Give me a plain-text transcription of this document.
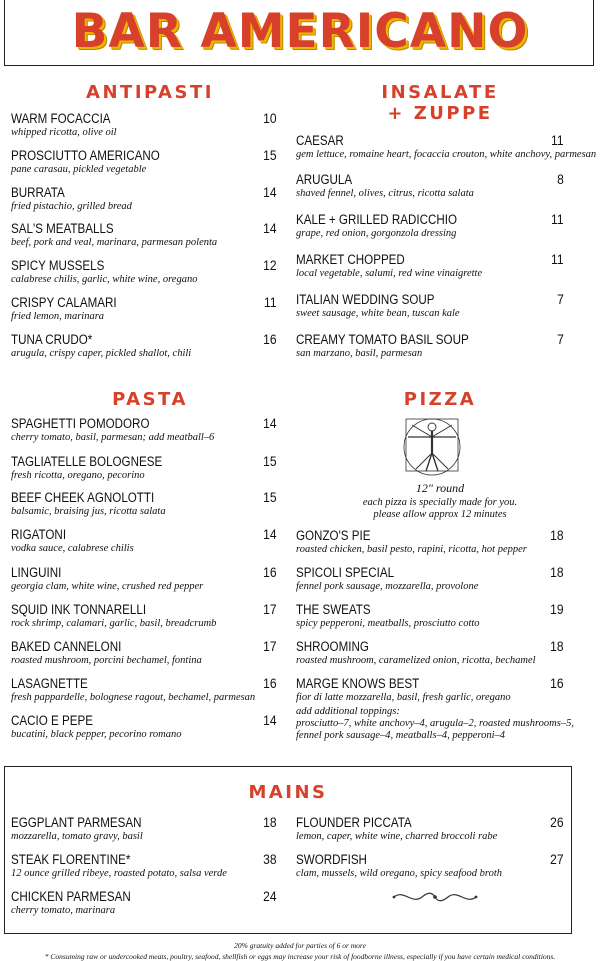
BAR AMERICANO
ANTIPASTI
WARM FOCACCIA
whipped ricotta, olive oil
10
PROSCIUTTO AMERICANO
pane carasau, pickled vegetable
15
BURRATA
fried pistachio, grilled bread
14
SAL'S MEATBALLS
beef, pork and veal, marinara, parmesan polenta
14
SPICY MUSSELS
calabrese chilis, garlic, white wine, oregano
12
CRISPY CALAMARI
fried lemon, marinara
11
TUNA CRUDO*
arugula, crispy caper, pickled shallot, chili
16
INSALATE
+ ZUPPE
CAESAR
gem lettuce, romaine heart, focaccia crouton, white anchovy, parmesan
11
ARUGULA
shaved fennel, olives, citrus, ricotta salata
8
KALE + GRILLED RADICCHIO
grape, red onion, gorgonzola dressing
11
MARKET CHOPPED
local vegetable, salumi, red wine vinaigrette
11
ITALIAN WEDDING SOUP
sweet sausage, white bean, tuscan kale
7
CREAMY TOMATO BASIL SOUP
san marzano, basil, parmesan
7
PASTA
SPAGHETTI POMODORO
cherry tomato, basil, parmesan; add meatball–6
14
TAGLIATELLE BOLOGNESE
fresh ricotta, oregano, pecorino
15
BEEF CHEEK AGNOLOTTI
balsamic, braising jus, ricotta salata
15
RIGATONI
vodka sauce, calabrese chilis
14
LINGUINI
georgia clam, white wine, crushed red pepper
16
SQUID INK TONNARELLI
rock shrimp, calamari, garlic, basil, breadcrumb
17
BAKED CANNELONI
roasted mushroom, porcini bechamel, fontina
17
LASAGNETTE
fresh pappardelle, bolognese ragout, bechamel, parmesan
16
CACIO E PEPE
bucatini, black pepper, pecorino romano
14
PIZZA
12" round
each pizza is specially made for you.
please allow approx 12 minutes
GONZO'S PIE
roasted chicken, basil pesto, rapini, ricotta, hot pepper
18
SPICOLI SPECIAL
fennel pork sausage, mozzarella, provolone
18
THE SWEATS
spicy pepperoni, meatballs, prosciutto cotto
19
SHROOMING
roasted mushroom, caramelized onion, ricotta, bechamel
18
MARGE KNOWS BEST
fior di latte mozzarella, basil, fresh garlic, oregano
16
add additional toppings:
prosciutto–7, white anchovy–4, arugula–2, roasted mushrooms–5,
fennel pork sausage–4, meatballs–4, pepperoni–4
MAINS
EGGPLANT PARMESAN
mozzarella, tomato gravy, basil
18
STEAK FLORENTINE*
12 ounce grilled ribeye, roasted potato, salsa verde
38
CHICKEN PARMESAN
cherry tomato, marinara
24
FLOUNDER PICCATA
lemon, caper, white wine, charred broccoli rabe
26
SWORDFISH
clam, mussels, wild oregano, spicy seafood broth
27
20% gratuity added for parties of 6 or more
* Consuming raw or undercooked meats, poultry, seafood, shellfish or eggs may increase your risk of foodborne illness, especially if you have certain medical conditions.
